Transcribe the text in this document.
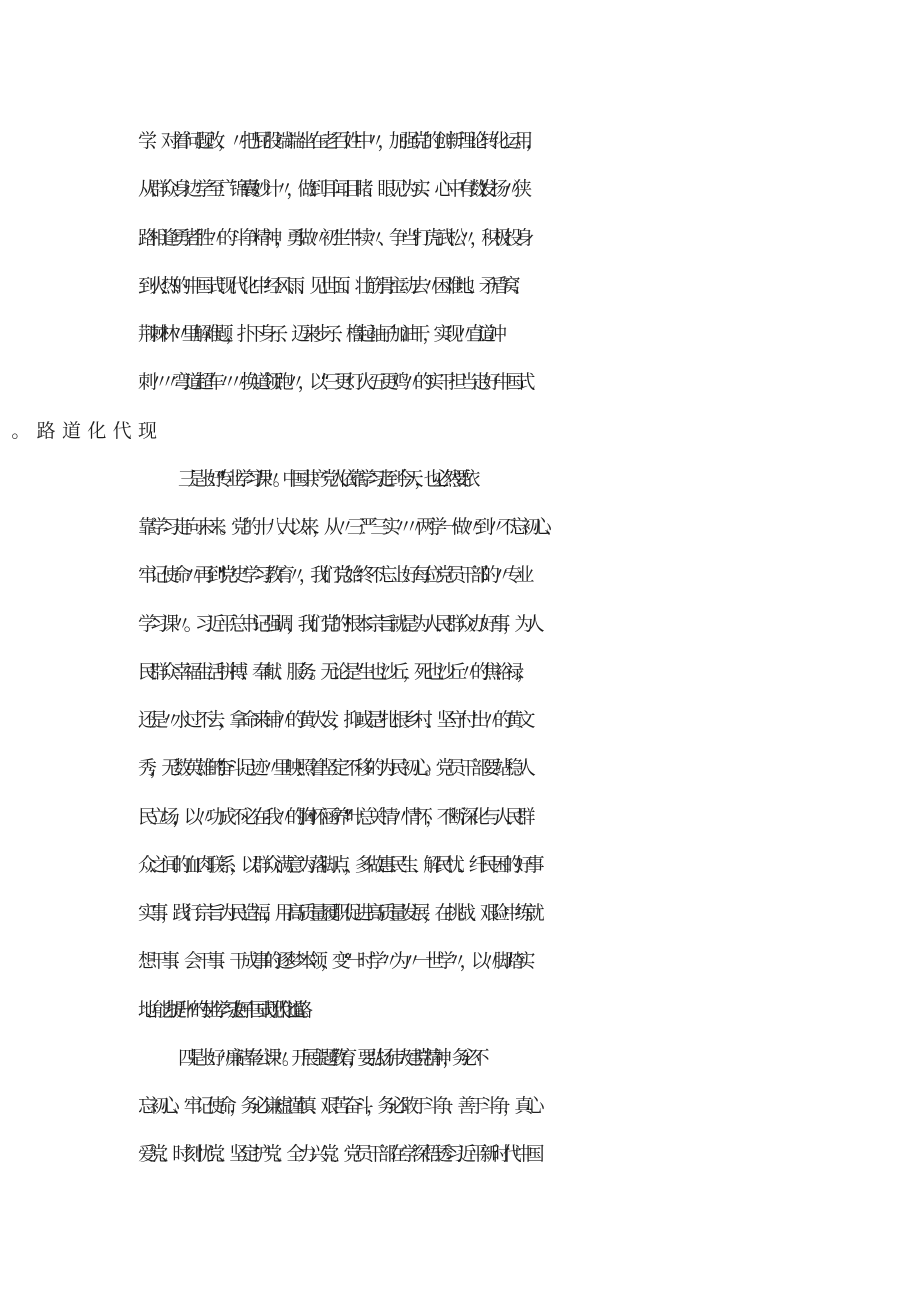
学、对着问题改，〃把屁股端端坐在老百姓中〃，加强党的创新理论转化运用，
从群众身边学至广锦囊妙计〃，做到耳闻目睹、眼见为实、心中有数;发扬〃狭
路相逢勇者胜〃的斗争精神，勇做〃初生牛犊〃、争当"打虎武松〃，积极投身
到火热的中国式现代化中经风雨、见世面、壮筋骨;主动去〃困难地、矛盾窝、
荆棘林〃里解难题，扑下身子、迈来步子、橹起袖子加油干，实现〃直道冲
刺〃〃弯道超车〃〃换道领跑〃，以“三更灯火五更鸡〃的实干担当走好中国式
三是上好“专业学习课〃。中国共产党人依靠学习走到今天，也必然要依
靠学习走向未来。党的十八大以来，从〃三严三实〃〃两学一做〃到〃不忘初心、
牢记使命〃再到"党史学习教育〃，我们党始终不忘上好每位党员干部的〃专业
学习课〃。习近平总书记强调，我们党的根本宗旨就是为人民群众办好事，为人
民群众幸福生活拼搏、奉献、服务。无论是“生也沙丘，死也沙丘〃的焦裕禄，
还是〃水过不去，拿命来铺〃的黄大发，抑或是“扎根乡村、坚守付出〃的黄文
秀，无数英雄的''奋斗足迹〃里映照着坚定不移的为民初心。党员干部要站稳人
民立场，以〃功成不必在我〃的胸怀涵养“叶总关情〃情怀，不断深化与人民群
众之间的血肉联系，以群众满意为落脚点，多做惠民生、解民忧、纤民困的好事
实事，践行宗旨为民造福，用高质量履职促进高质量发展，在挑战、艰险中练就
想干事、会干事、干成事的逐梦本领，变“一时学〃为〃一世学〃，以〃脚踏实
地、能力提升〃的专业学习走好中国式现代化道路。
四是上好〃廉洁奉公课〃。开展主题教育，要弘扬伟大建党精神，务必不
忘初心、牢记使命，务必谦虚谨慎、艰苦奋斗，务必敢于斗争、善于斗争，真心
爱党、时刻忧党、坚定护党、全力兴党。党员干部在学深悟透习近平新时代中国
